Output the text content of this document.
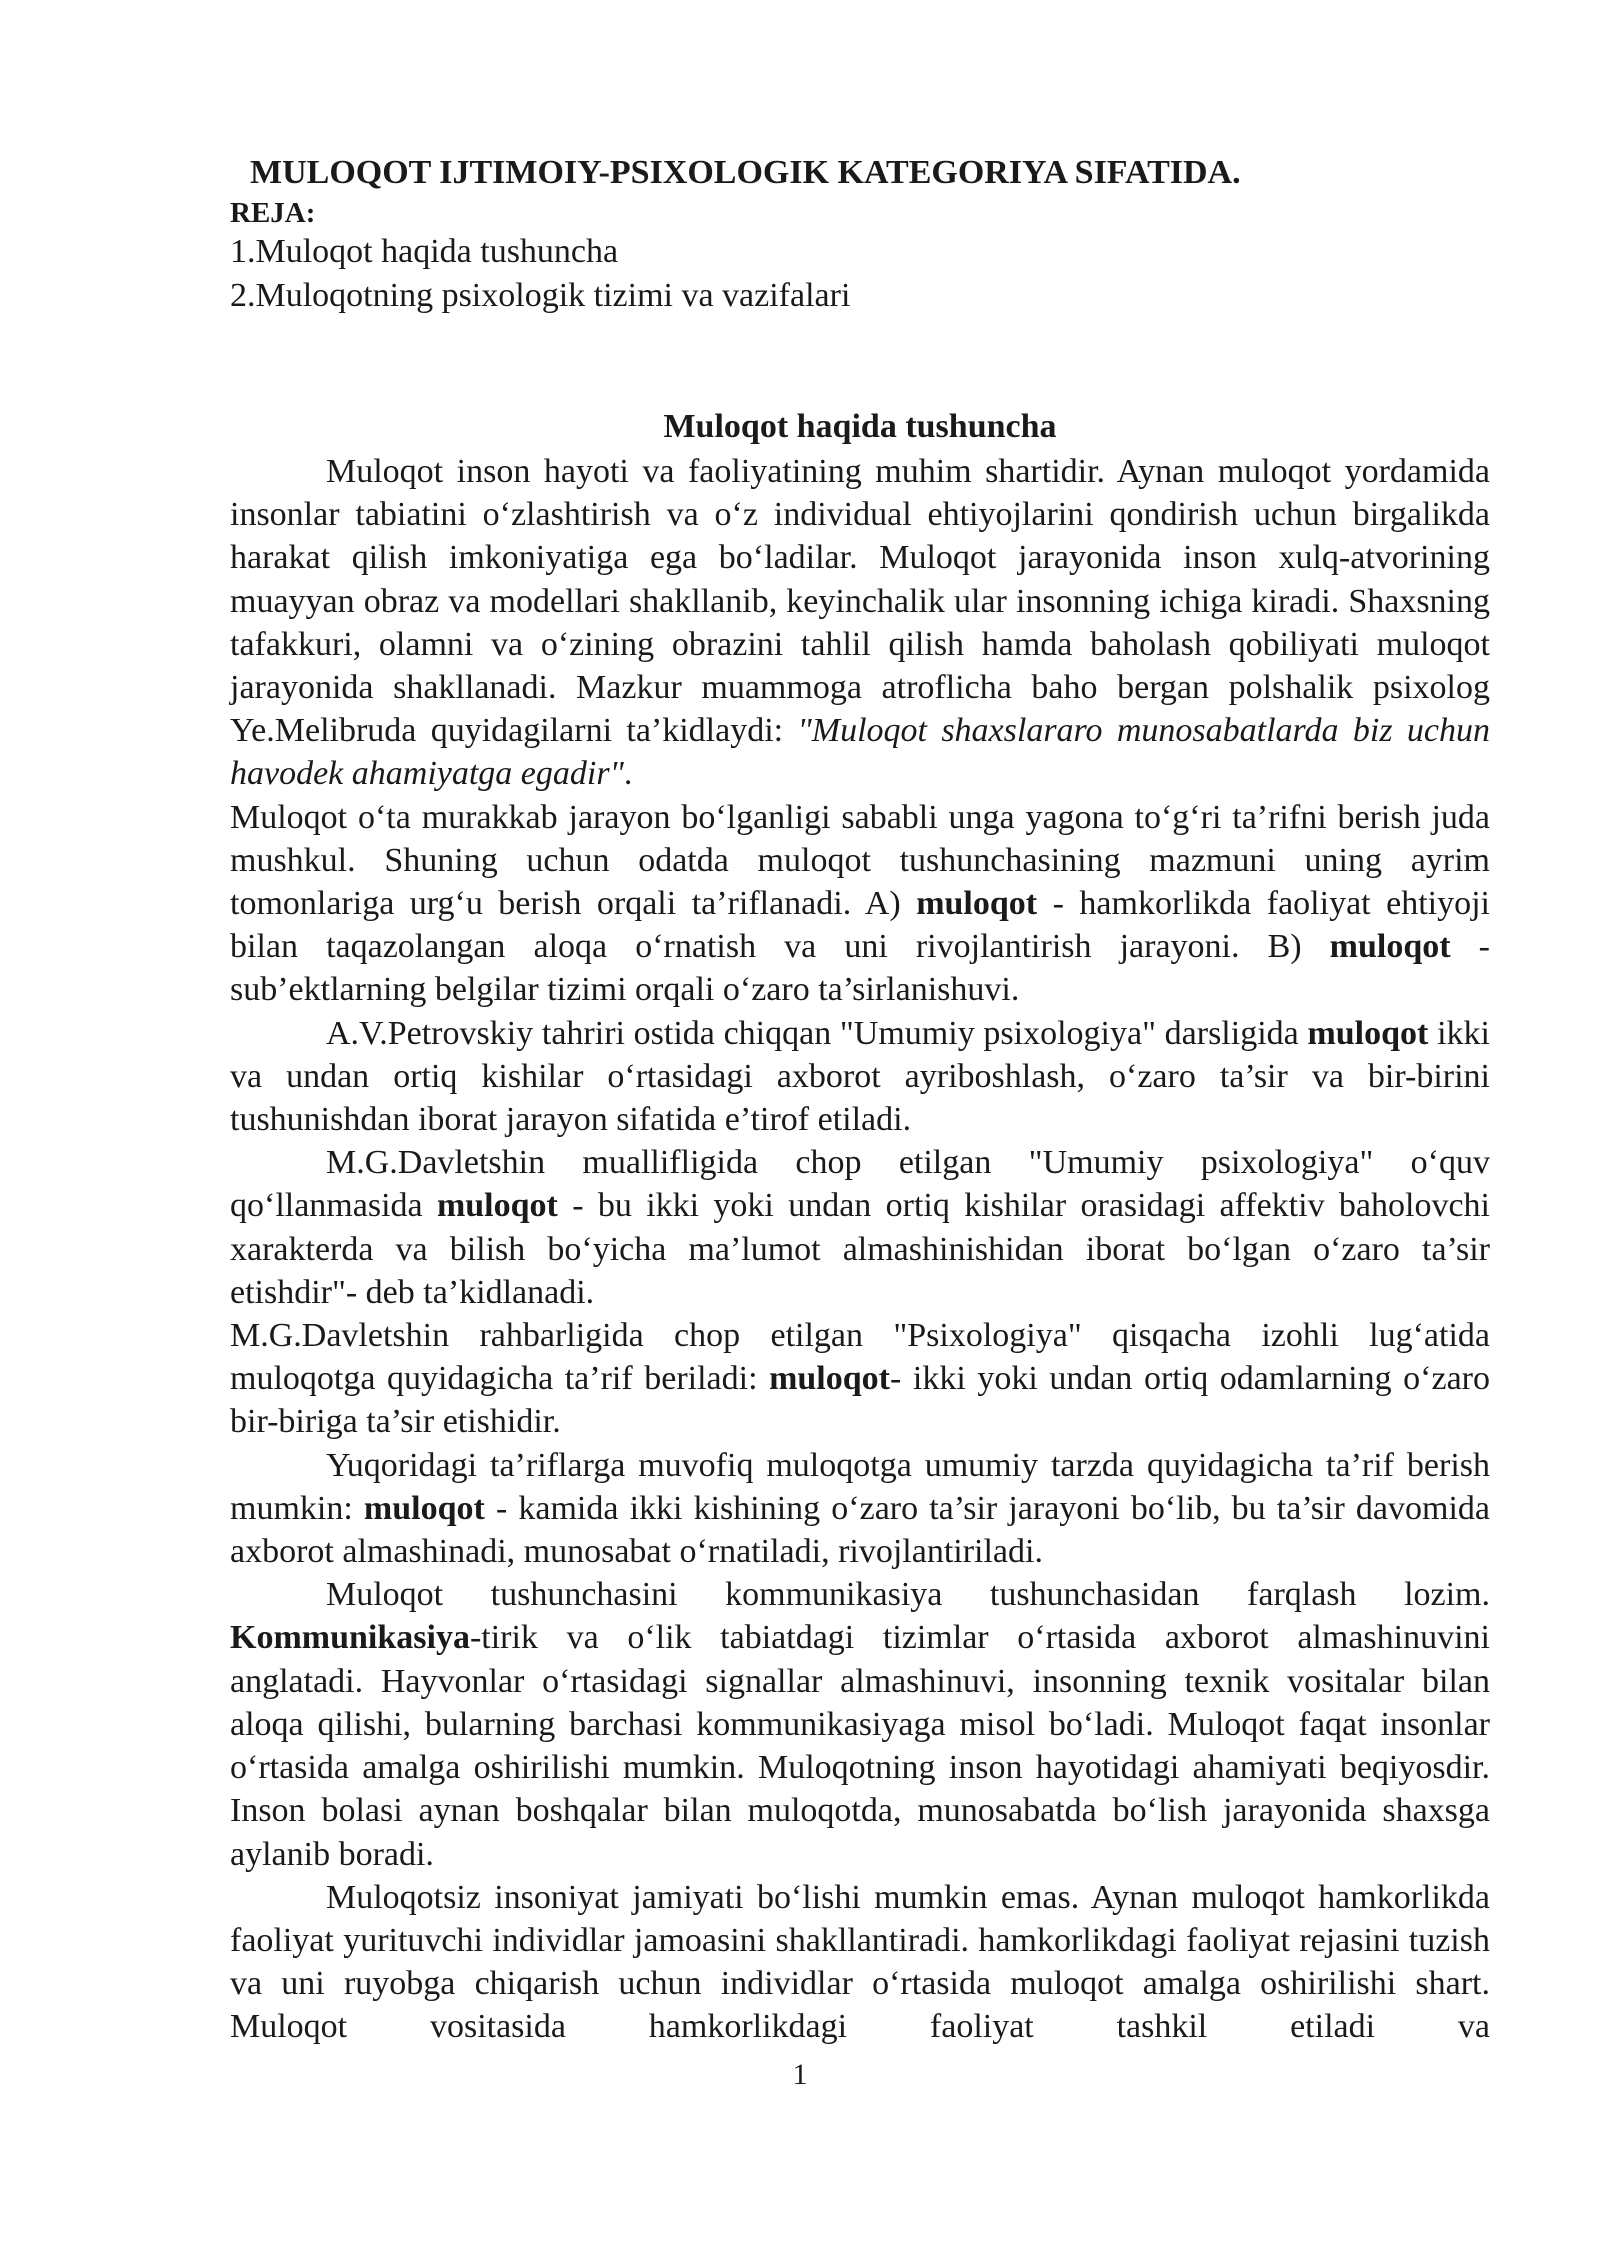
MULOQOT IJTIMOIY-PSIXOLOGIK KATEGORIYA SIFATIDA.
REJA:
1.Muloqot haqida tushuncha
2.Muloqotning psixologik tizimi va vazifalari
Muloqot haqida tushuncha

Muloqot inson hayoti va faoliyatining muhim shartidir. Aynan muloqot yordamida insonlar tabiatini o‘zlashtirish va o‘z individual ehtiyojlarini qondirish uchun birgalikda harakat qilish imkoniyatiga ega bo‘ladilar. Muloqot jarayonida inson xulq-atvorining muayyan obraz va modellari shakllanib, keyinchalik ular insonning ichiga kiradi. Shaxsning tafakkuri, olamni va o‘zining obrazini tahlil qilish hamda baholash qobiliyati muloqot jarayonida shakllanadi. Mazkur muammoga atroflicha baho bergan polshalik psixolog Ye.Melibruda quyidagilarni ta’kidlaydi: "Muloqot shaxslararo munosabatlarda biz uchun havodek ahamiyatga egadir".

Muloqot o‘ta murakkab jarayon bo‘lganligi sababli unga yagona to‘g‘ri ta’rifni berish juda mushkul. Shuning uchun odatda muloqot tushunchasining mazmuni uning ayrim tomonlariga urg‘u berish orqali ta’riflanadi. A) muloqot - hamkorlikda faoliyat ehtiyoji bilan taqazolangan aloqa o‘rnatish va uni rivojlantirish jarayoni. B) muloqot - sub’ektlarning belgilar tizimi orqali o‘zaro ta’sirlanishuvi.

A.V.Petrovskiy tahriri ostida chiqqan "Umumiy psixologiya" darsligida muloqot ikki va undan ortiq kishilar o‘rtasidagi axborot ayriboshlash, o‘zaro ta’sir va bir-birini tushunishdan iborat jarayon sifatida e’tirof etiladi.

M.G.Davletshin muallifligida chop etilgan "Umumiy psixologiya" o‘quv qo‘llanmasida muloqot - bu ikki yoki undan ortiq kishilar orasidagi affektiv baholovchi xarakterda va bilish bo‘yicha ma’lumot almashinishidan iborat bo‘lgan o‘zaro ta’sir etishdir"- deb ta’kidlanadi.

M.G.Davletshin rahbarligida chop etilgan "Psixologiya" qisqacha izohli lug‘atida muloqotga quyidagicha ta’rif beriladi: muloqot- ikki yoki undan ortiq odamlarning o‘zaro bir-biriga ta’sir etishidir.

Yuqoridagi ta’riflarga muvofiq muloqotga umumiy tarzda quyidagicha ta’rif berish mumkin: muloqot - kamida ikki kishining o‘zaro ta’sir jarayoni bo‘lib, bu ta’sir davomida axborot almashinadi, munosabat o‘rnatiladi, rivojlantiriladi.

Muloqot tushunchasini kommunikasiya tushunchasidan farqlash lozim. Kommunikasiya-tirik va o‘lik tabiatdagi tizimlar o‘rtasida axborot almashinuvini anglatadi. Hayvonlar o‘rtasidagi signallar almashinuvi, insonning texnik vositalar bilan aloqa qilishi, bularning barchasi kommunikasiyaga misol bo‘ladi. Muloqot faqat insonlar o‘rtasida amalga oshirilishi mumkin. Muloqotning inson hayotidagi ahamiyati beqiyosdir. Inson bolasi aynan boshqalar bilan muloqotda, munosabatda bo‘lish jarayonida shaxsga aylanib boradi.

Muloqotsiz insoniyat jamiyati bo‘lishi mumkin emas. Aynan muloqot hamkorlikda faoliyat yurituvchi individlar jamoasini shakllantiradi. hamkorlikdagi faoliyat rejasini tuzish va uni ruyobga chiqarish uchun individlar o‘rtasida muloqot amalga oshirilishi shart. Muloqot vositasida hamkorlikdagi faoliyat tashkil etiladi va

1
